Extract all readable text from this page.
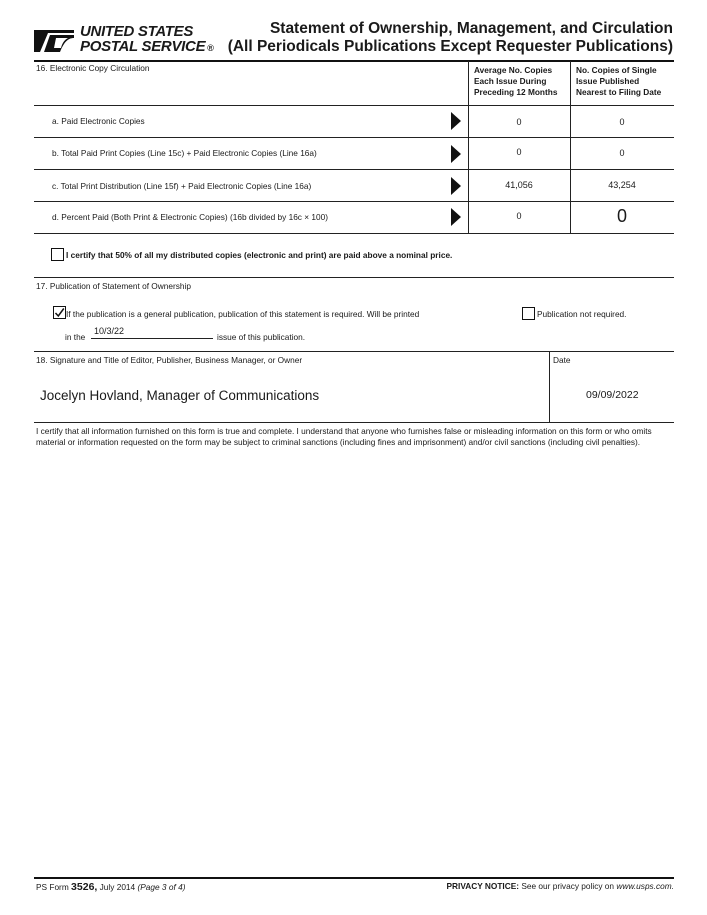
UNITED STATES
POSTAL SERVICE ®
Statement of Ownership, Management, and Circulation
(All Periodicals Publications Except Requester Publications)
16. Electronic Copy Circulation	Average No. Copies
Each Issue During
Preceding 12 Months
No. Copies of Single
Issue Published
Nearest to Filing Date
a. Paid Electronic Copies	0	0
b. Total Paid Print Copies (Line 15c) + Paid Electronic Copies (Line 16a)	0	0
c. Total Print Distribution (Line 15f) + Paid Electronic Copies (Line 16a)	41,056	43,254
d. Percent Paid (Both Print & Electronic Copies) (16b divided by 16c × 100)	0	0
I certify that 50% of all my distributed copies (electronic and print) are paid above a nominal price.
17. Publication of Statement of Ownership
If the publication is a general publication, publication of this statement is required. Will be printed	Publication not required.
in the
10/3/22
issue of this publication.
18. Signature and Title of Editor, Publisher, Business Manager, or Owner	Date
Jocelyn Hovland, Manager of Communications	09/09/2022
I certify that all information furnished on this form is true and complete. I understand that anyone who furnishes false or misleading information on this form or who omits material or information requested on the form may be subject to criminal sanctions (including fines and imprisonment) and/or civil sanctions (including civil penalties).
PS Form 3526, July 2014 (Page 3 of 4)	PRIVACY NOTICE: See our privacy policy on www.usps.com.
